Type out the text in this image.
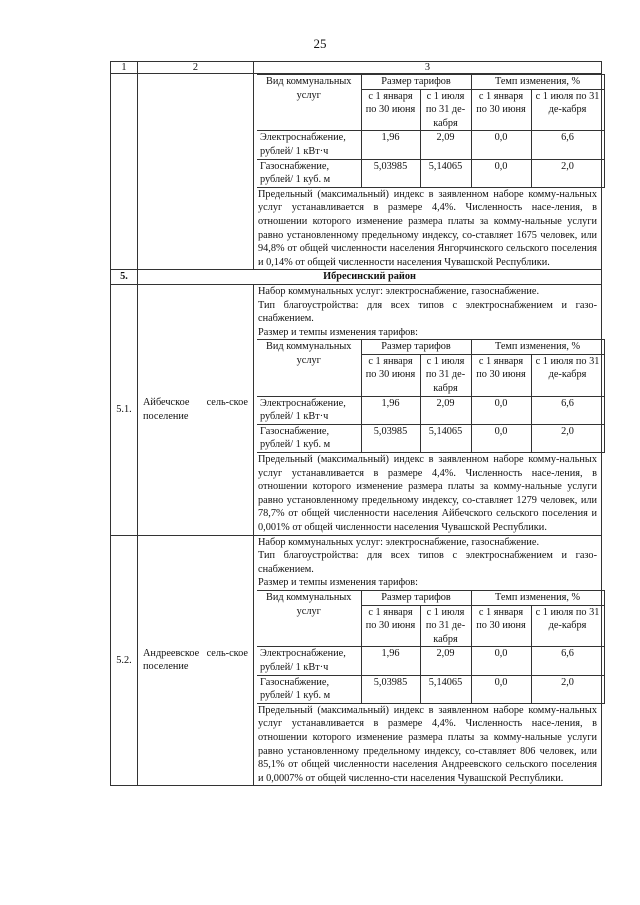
25
1	2	3

Вид коммунальных услуг	Размер тарифов	Темп изменения, %
с 1 января по 30 июня	с 1 июля по 31 де-кабря	с 1 января по 30 июня	с 1 июля по 31 де-кабря
Электроснабжение, рублей/ 1 кВт·ч	1,96	2,09	0,0	6,6
Газоснабжение, рублей/ 1 куб. м	5,03985	5,14065	0,0	2,0

Предельный (максимальный) индекс в заявленном наборе комму-нальных услуг устанавливается в размере 4,4%. Численность насе-ления, в отношении которого изменение размера платы за комму-нальные услуги равно установленному предельному индексу, со-ставляет 1675 человек, или 94,8% от общей численности населения Янгорчинского сельского поселения и 0,14% от общей численности населения Чувашской Республики.

5.	Ибресинский район
5.1.	Айбечское сель-ское поселение	

Набор коммунальных услуг: электроснабжение, газоснабжение.

Тип благоустройства: для всех типов с электроснабжением и газо-снабжением.

Размер и темпы изменения тарифов:

Вид коммунальных услуг	Размер тарифов	Темп изменения, %
с 1 января по 30 июня	с 1 июля по 31 де-кабря	с 1 января по 30 июня	с 1 июля по 31 де-кабря
Электроснабжение, рублей/ 1 кВт·ч	1,96	2,09	0,0	6,6
Газоснабжение, рублей/ 1 куб. м	5,03985	5,14065	0,0	2,0

Предельный (максимальный) индекс в заявленном наборе комму-нальных услуг устанавливается в размере 4,4%. Численность насе-ления, в отношении которого изменение размера платы за комму-нальные услуги равно установленному предельному индексу, со-ставляет 1279 человек, или 78,7% от общей численности населения Айбечского сельского поселения и 0,001% от общей численности населения Чувашской Республики.

5.2.	Андреевское сель-ское поселение	

Набор коммунальных услуг: электроснабжение, газоснабжение.

Тип благоустройства: для всех типов с электроснабжением и газо-снабжением.

Размер и темпы изменения тарифов:

Вид коммунальных услуг	Размер тарифов	Темп изменения, %
с 1 января по 30 июня	с 1 июля по 31 де-кабря	с 1 января по 30 июня	с 1 июля по 31 де-кабря
Электроснабжение, рублей/ 1 кВт·ч	1,96	2,09	0,0	6,6
Газоснабжение, рублей/ 1 куб. м	5,03985	5,14065	0,0	2,0

Предельный (максимальный) индекс в заявленном наборе комму-нальных услуг устанавливается в размере 4,4%. Численность насе-ления, в отношении которого изменение размера платы за комму-нальные услуги равно установленному предельному индексу, со-ставляет 806 человек, или 85,1% от общей численности населения Андреевского сельского поселения и 0,0007% от общей численно-сти населения Чувашской Республики.
